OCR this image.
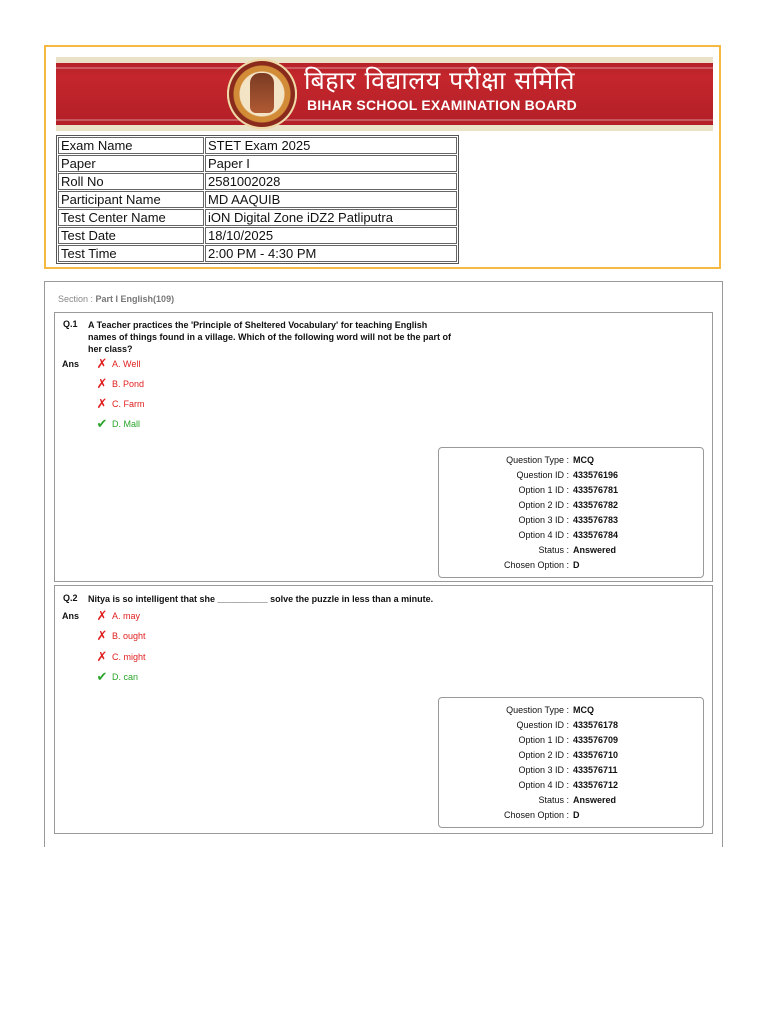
बिहार विद्यालय परीक्षा समिति
BIHAR SCHOOL EXAMINATION BOARD
Exam Name	STET Exam 2025
Paper	Paper I
Roll No	2581002028
Participant Name	MD AAQUIB
Test Center Name	iON Digital Zone iDZ2 Patliputra
Test Date	18/10/2025
Test Time	2:00 PM - 4:30 PM
Section : Part I English(109)
Q.1 A Teacher practices the 'Principle of Sheltered Vocabulary' for teaching English names of things found in a village. Which of the following word will not be the part of her class?
Ans ✗ A. Well
✗ B. Pond
✗ C. Farm
✔ D. Mall
Question Type : MCQ
Question ID : 433576196
Option 1 ID : 433576781
Option 2 ID : 433576782
Option 3 ID : 433576783
Option 4 ID : 433576784
Status : Answered
Chosen Option : D
Q.2 Nitya is so intelligent that she __________ solve the puzzle in less than a minute.
Ans ✗ A. may
✗ B. ought
✗ C. might
✔ D. can
Question Type : MCQ
Question ID : 433576178
Option 1 ID : 433576709
Option 2 ID : 433576710
Option 3 ID : 433576711
Option 4 ID : 433576712
Status : Answered
Chosen Option : D
